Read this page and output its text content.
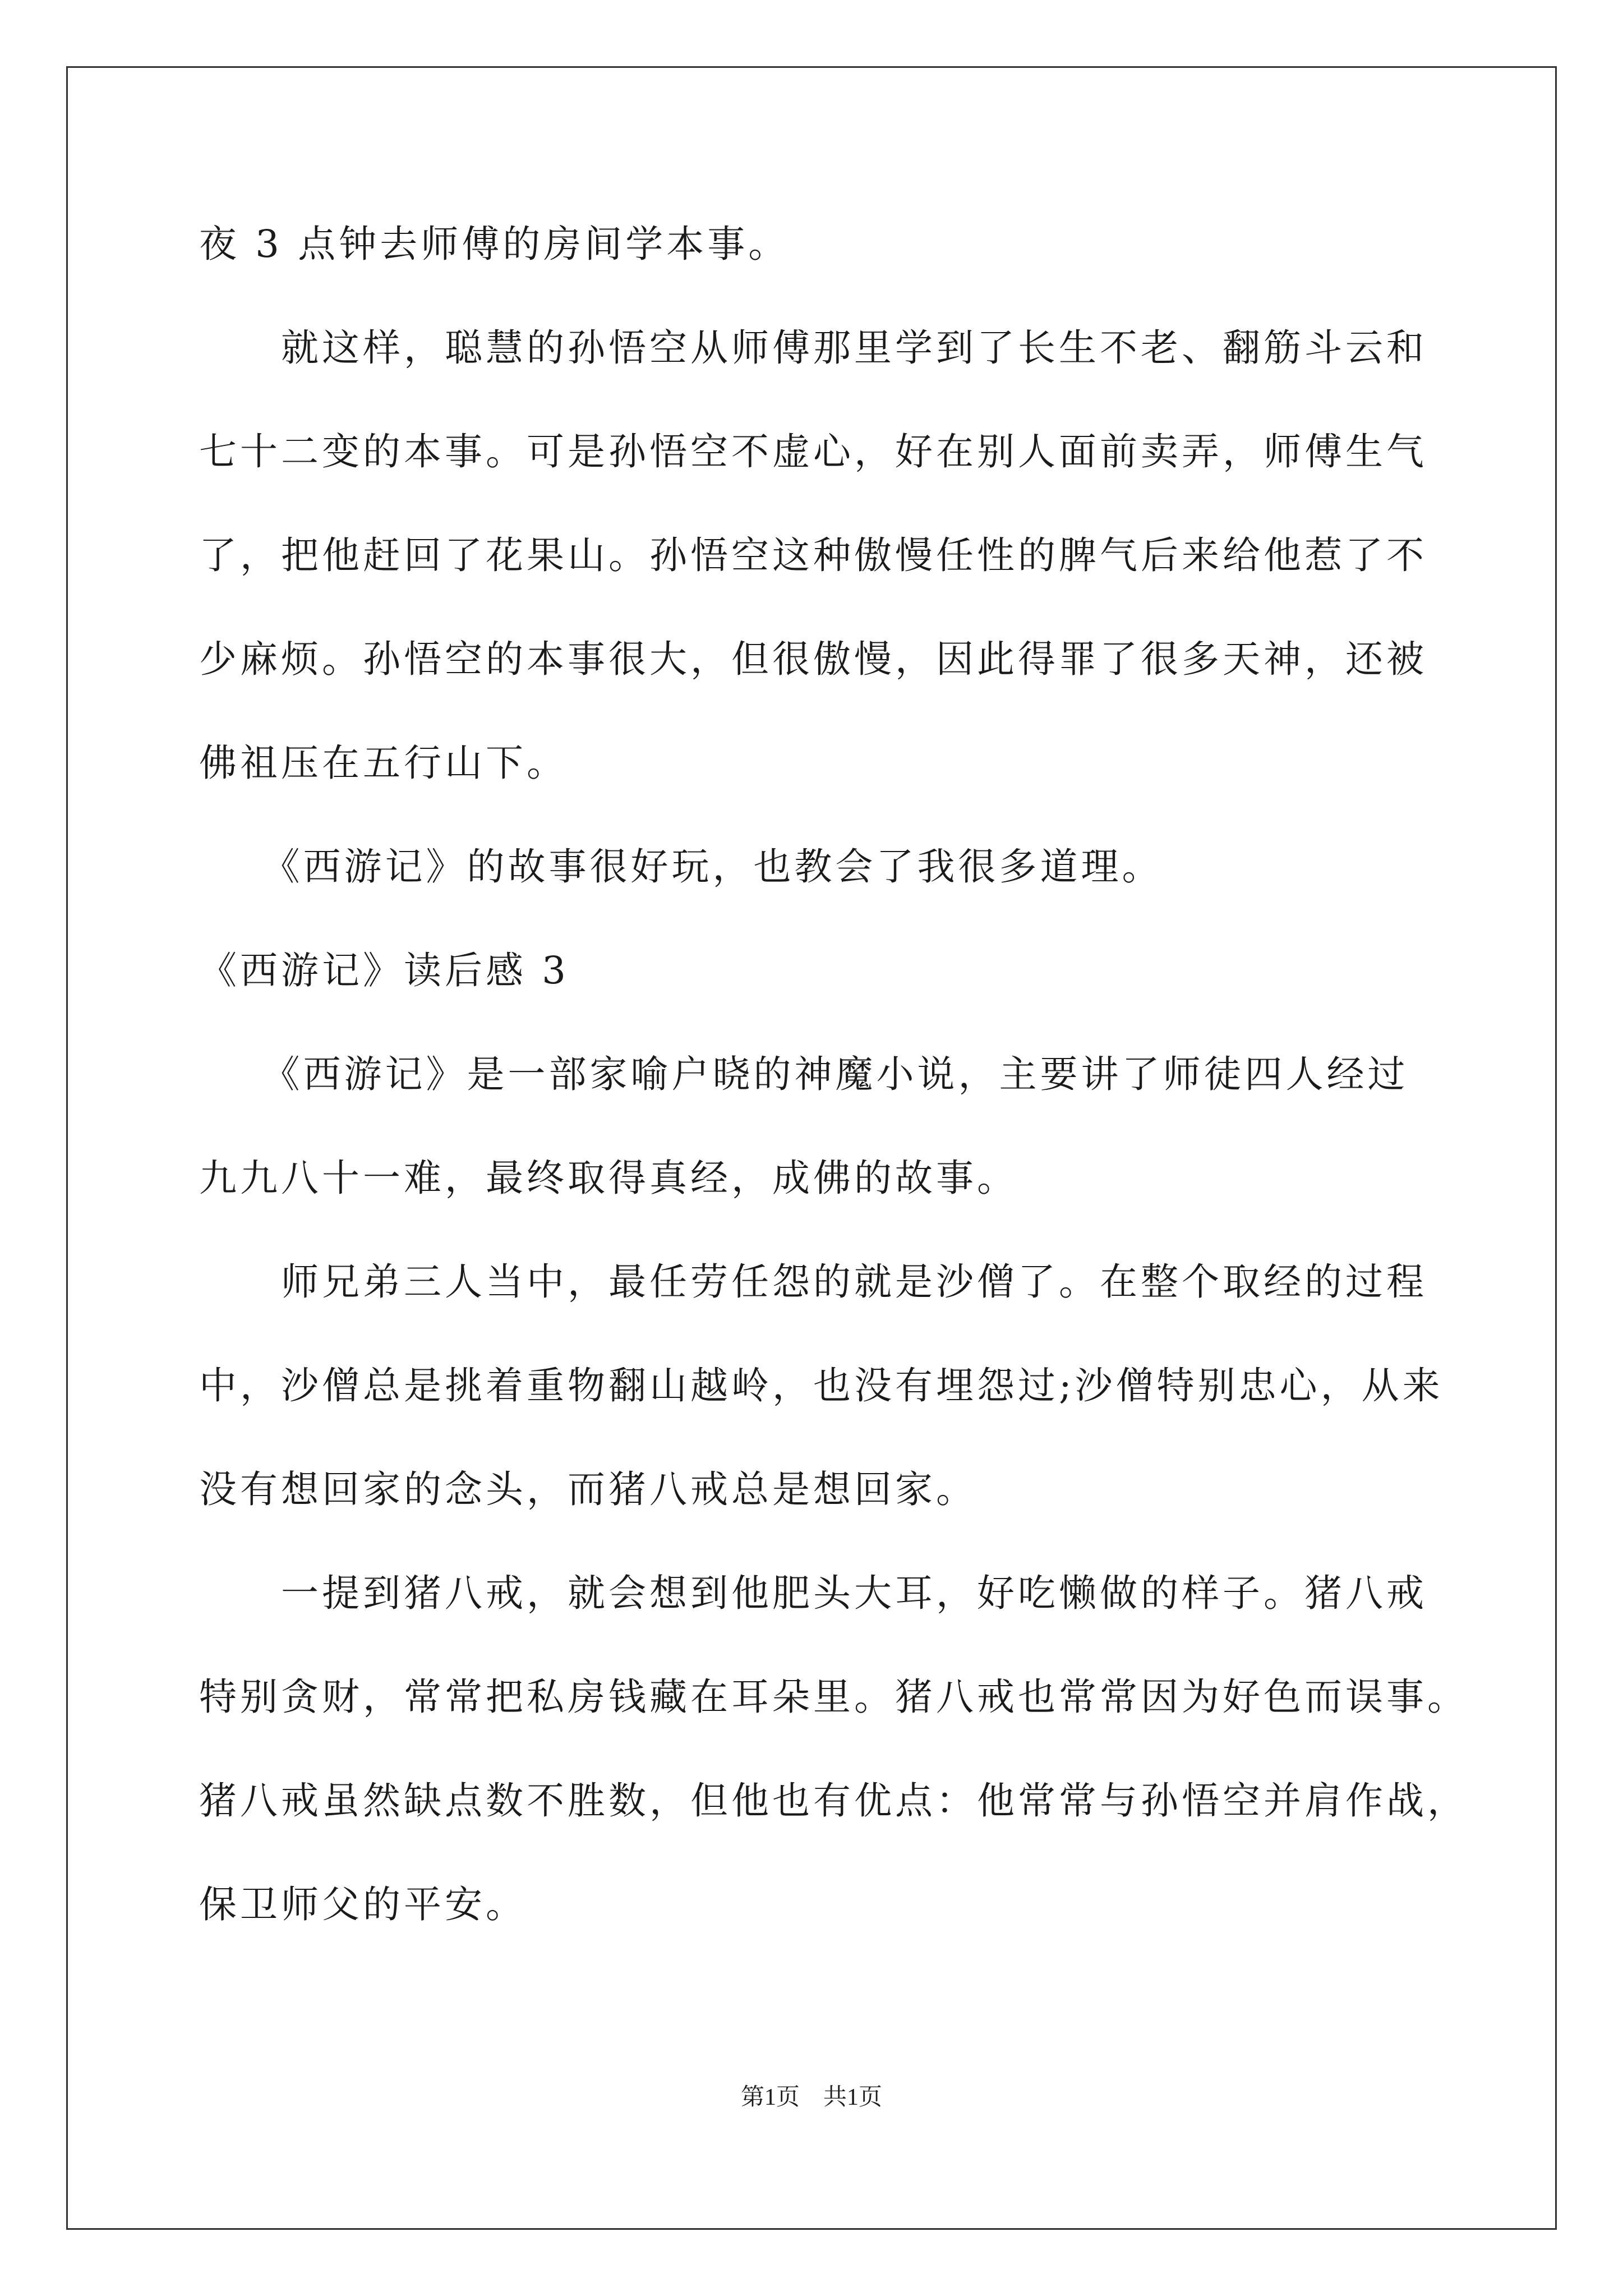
夜 3 点钟去师傅的房间学本事。
　　就这样，聪慧的孙悟空从师傅那里学到了长生不老、翻筋斗云和
七十二变的本事。可是孙悟空不虚心，好在别人面前卖弄，师傅生气
了，把他赶回了花果山。孙悟空这种傲慢任性的脾气后来给他惹了不
少麻烦。孙悟空的本事很大，但很傲慢，因此得罪了很多天神，还被
佛祖压在五行山下。
　　《西游记》的故事很好玩，也教会了我很多道理。
《西游记》读后感 3
　　《西游记》是一部家喻户晓的神魔小说，主要讲了师徒四人经过
九九八十一难，最终取得真经，成佛的故事。
　　师兄弟三人当中，最任劳任怨的就是沙僧了。在整个取经的过程
中，沙僧总是挑着重物翻山越岭，也没有埋怨过;沙僧特别忠心，从来
没有想回家的念头，而猪八戒总是想回家。
　　一提到猪八戒，就会想到他肥头大耳，好吃懒做的样子。猪八戒
特别贪财，常常把私房钱藏在耳朵里。猪八戒也常常因为好色而误事。
猪八戒虽然缺点数不胜数，但他也有优点：他常常与孙悟空并肩作战，
保卫师父的平安。
第1页　共1页
